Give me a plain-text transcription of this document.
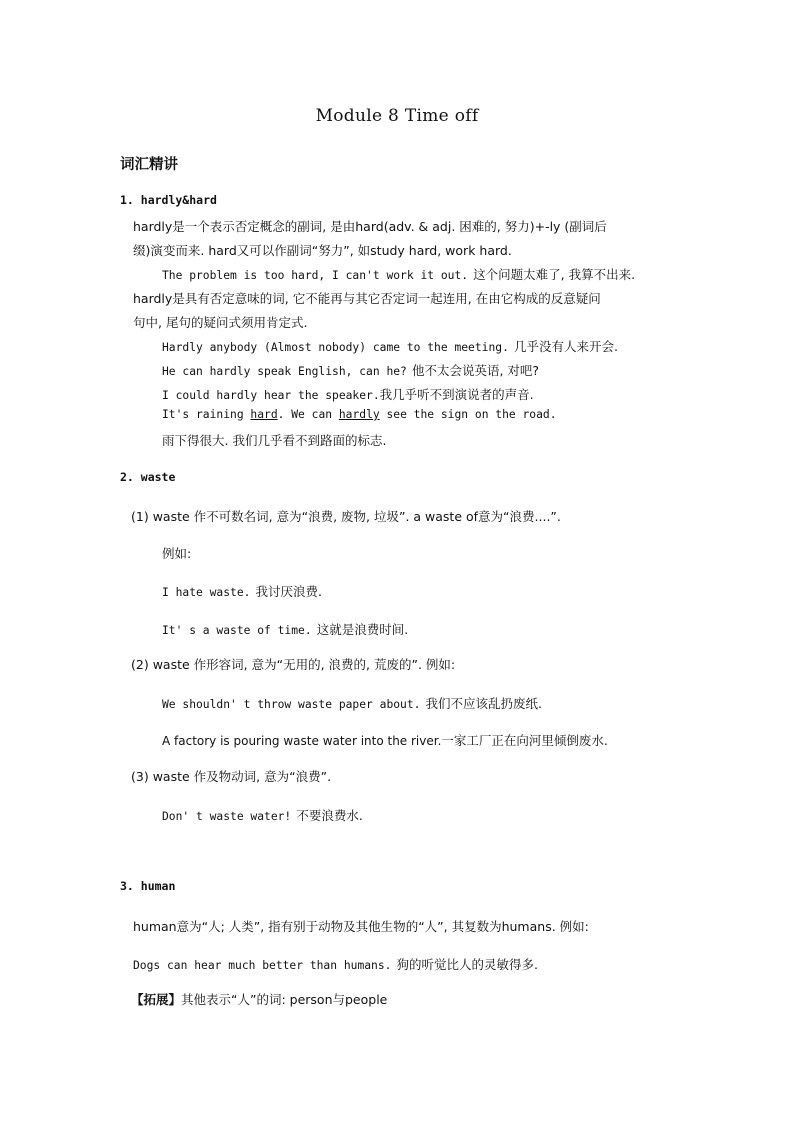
Module 8 Time off
词汇精讲
1. hardly&hard
hardly是一个表示否定概念的副词, 是由hard(adv. & adj. 困难的, 努力)+-ly (副词后
缀)演变而来. hard又可以作副词“努力”, 如study hard, work hard.
The problem is too hard, I can't work it out. 这个问题太难了, 我算不出来.
hardly是具有否定意味的词, 它不能再与其它否定词一起连用, 在由它构成的反意疑问
句中, 尾句的疑问式须用肯定式.
Hardly anybody (Almost nobody) came to the meeting. 几乎没有人来开会.
He can hardly speak English, can he? 他不太会说英语, 对吧?
I could hardly hear the speaker.我几乎听不到演说者的声音.
It's raining hard. We can hardly see the sign on the road.
雨下得很大. 我们几乎看不到路面的标志.
2. waste
(1) waste 作不可数名词, 意为“浪费, 废物, 垃圾”. a waste of意为“浪费....”.
例如:
I hate waste. 我讨厌浪费.
It' s a waste of time. 这就是浪费时间.
(2) waste 作形容词, 意为“无用的, 浪费的, 荒废的”. 例如:
We shouldn' t throw waste paper about. 我们不应该乱扔废纸.
A factory is pouring waste water into the river.一家工厂正在向河里倾倒废水.
(3) waste 作及物动词, 意为“浪费”.
Don' t waste water! 不要浪费水.
3. human
human意为“人; 人类”, 指有别于动物及其他生物的“人”, 其复数为humans. 例如:
Dogs can hear much better than humans. 狗的听觉比人的灵敏得多.
【拓展】其他表示“人”的词: person与people
